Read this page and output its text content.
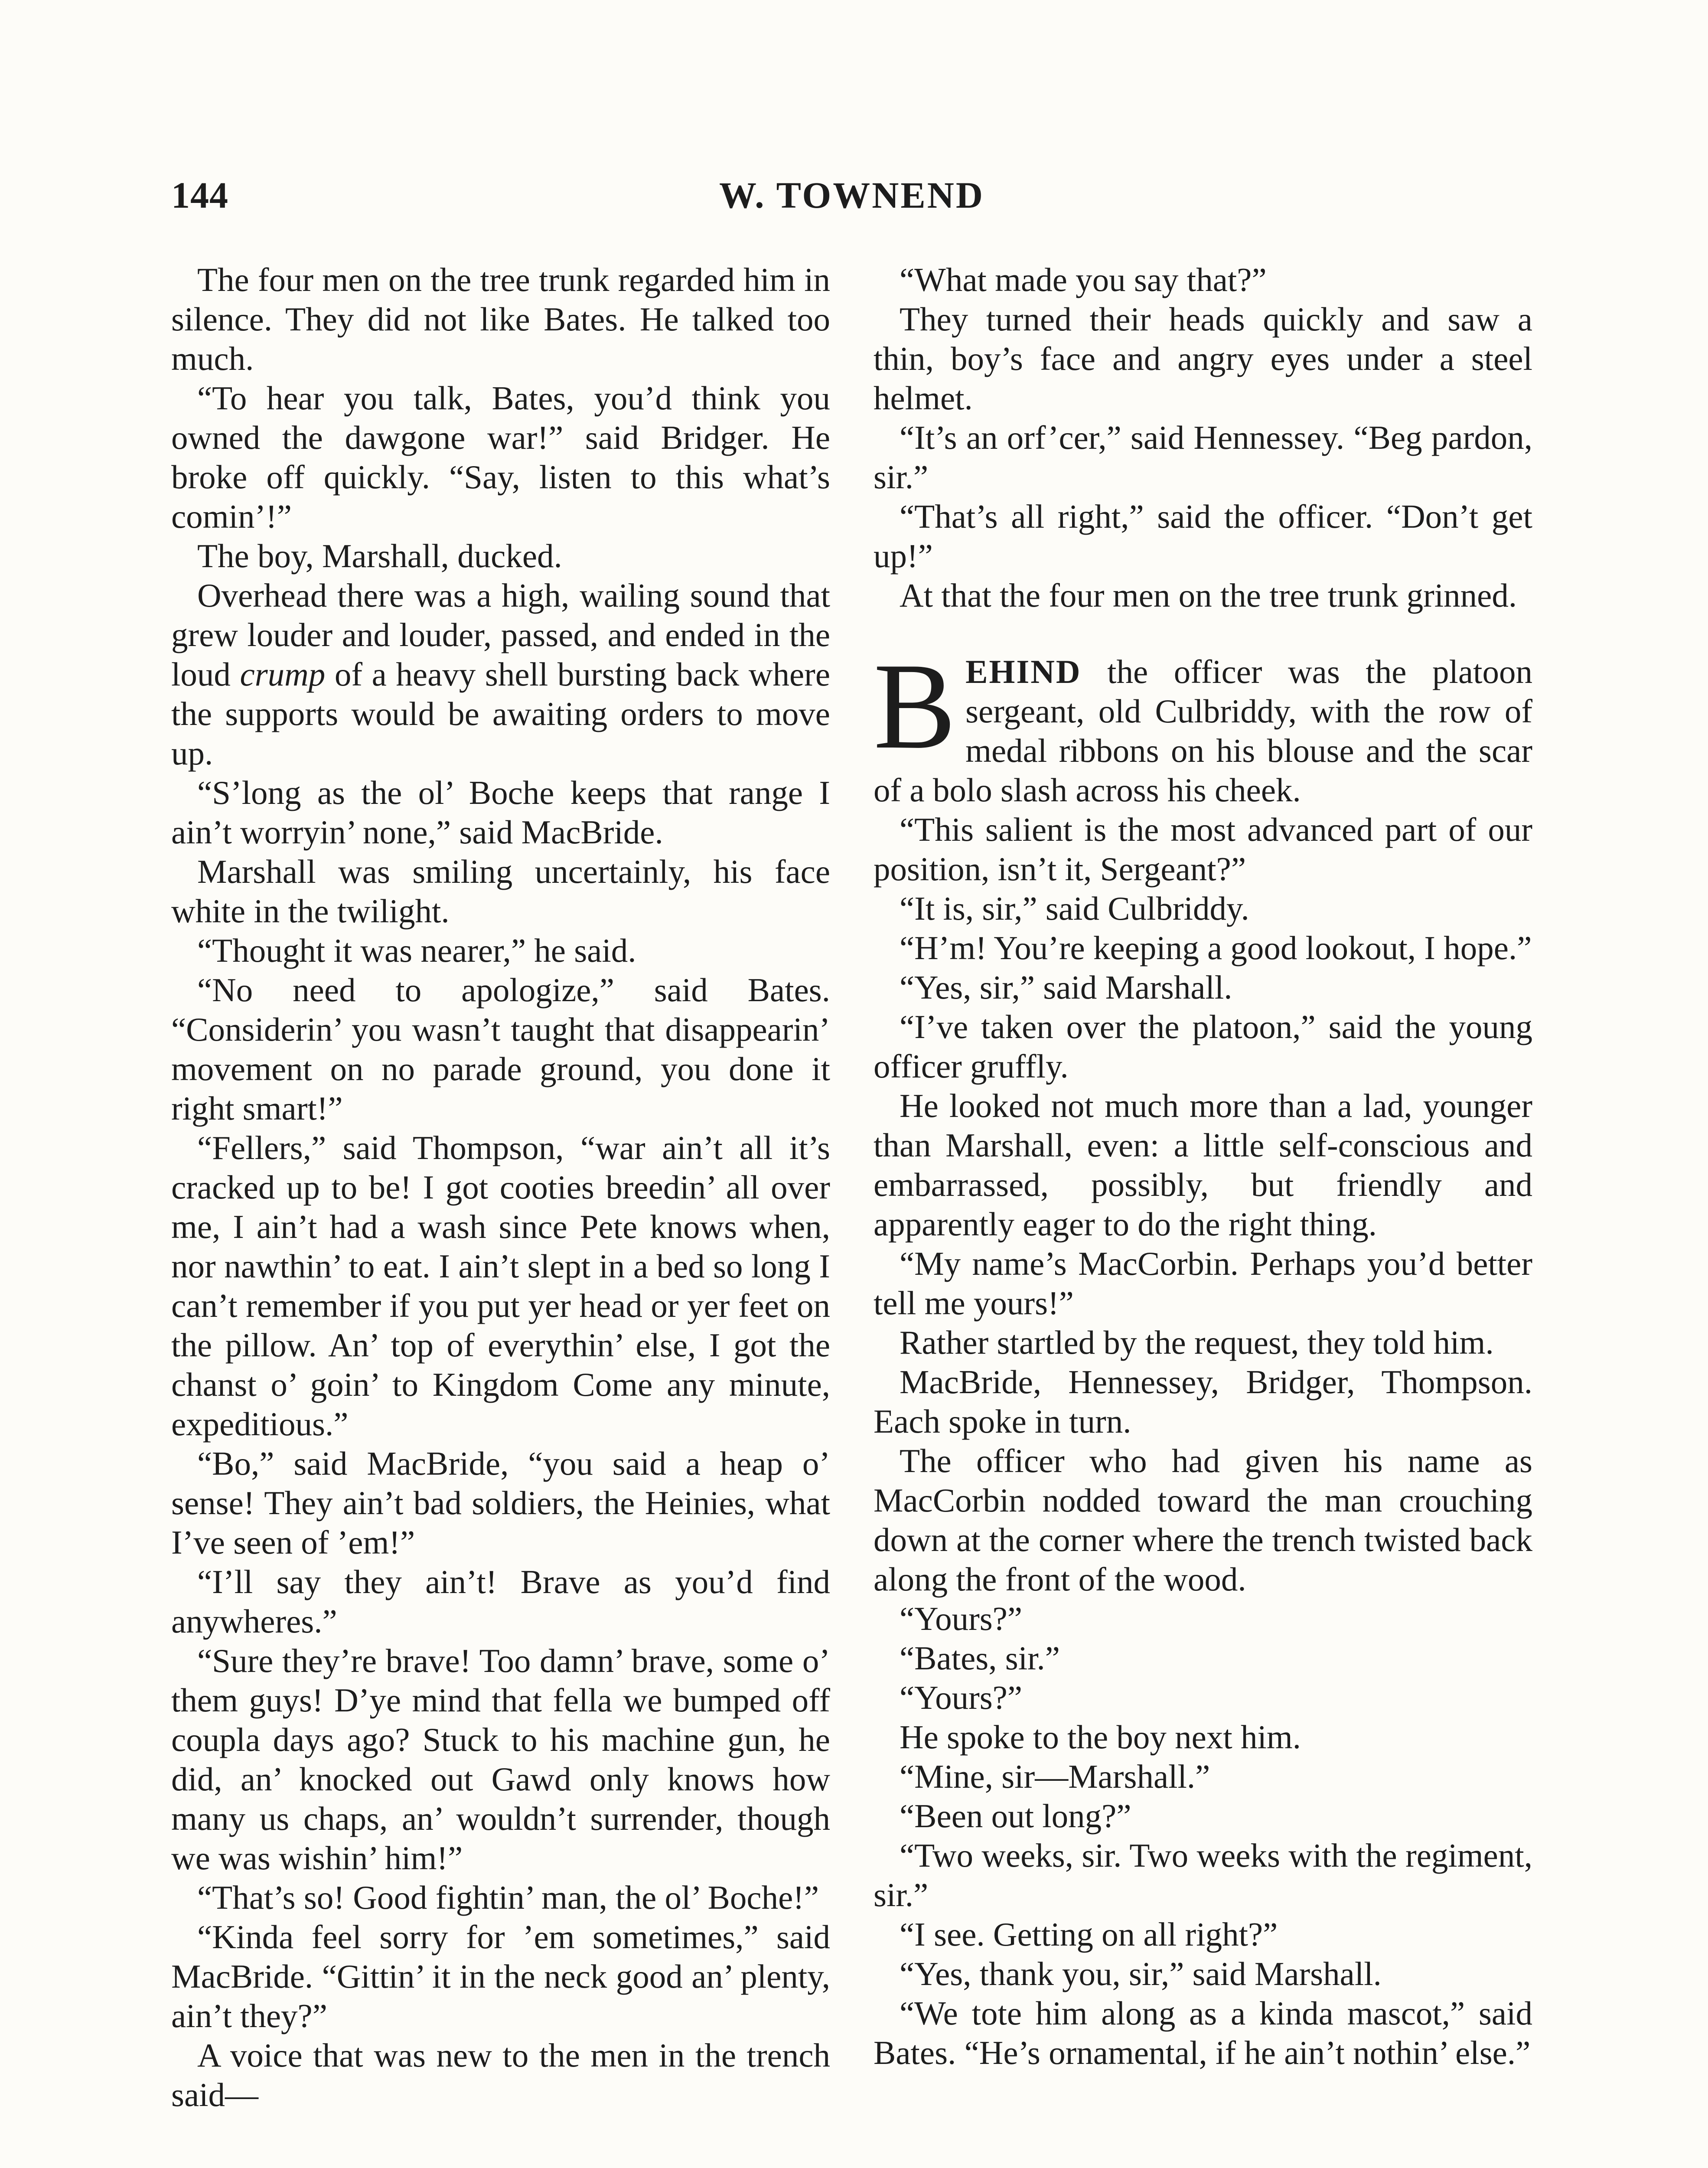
144	W. TOWNEND

The four men on the tree trunk regarded him in silence. They did not like Bates. He talked too much.

“To hear you talk, Bates, you’d think you owned the dawgone war!” said Bridger. He broke off quickly. “Say, listen to this what’s comin’!”

The boy, Marshall, ducked.

Overhead there was a high, wailing sound that grew louder and louder, passed, and ended in the loud crump of a heavy shell bursting back where the supports would be awaiting orders to move up.

“S’long as the ol’ Boche keeps that range I ain’t worryin’ none,” said MacBride.

Marshall was smiling uncertainly, his face white in the twilight.

“Thought it was nearer,” he said.

“No need to apologize,” said Bates. “Considerin’ you wasn’t taught that disappearin’ movement on no parade ground, you done it right smart!”

“Fellers,” said Thompson, “war ain’t all it’s cracked up to be! I got cooties breedin’ all over me, I ain’t had a wash since Pete knows when, nor nawthin’ to eat. I ain’t slept in a bed so long I can’t remember if you put yer head or yer feet on the pillow. An’ top of everythin’ else, I got the chanst o’ goin’ to Kingdom Come any minute, expeditious.”

“Bo,” said MacBride, “you said a heap o’ sense! They ain’t bad soldiers, the Heinies, what I’ve seen of ’em!”

“I’ll say they ain’t! Brave as you’d find anywheres.”

“Sure they’re brave! Too damn’ brave, some o’ them guys! D’ye mind that fella we bumped off coupla days ago? Stuck to his machine gun, he did, an’ knocked out Gawd only knows how many us chaps, an’ wouldn’t surrender, though we was wishin’ him!”

“That’s so! Good fightin’ man, the ol’ Boche!”

“Kinda feel sorry for ’em sometimes,” said MacBride. “Gittin’ it in the neck good an’ plenty, ain’t they?”

A voice that was new to the men in the trench said—

“What made you say that?”

They turned their heads quickly and saw a thin, boy’s face and angry eyes under a steel helmet.

“It’s an orf’cer,” said Hennessey. “Beg pardon, sir.”

“That’s all right,” said the officer. “Don’t get up!”

At that the four men on the tree trunk grinned.

BEHIND the officer was the platoon sergeant, old Culbriddy, with the row of medal ribbons on his blouse and the scar of a bolo slash across his cheek.

“This salient is the most advanced part of our position, isn’t it, Sergeant?”

“It is, sir,” said Culbriddy.

“H’m! You’re keeping a good lookout, I hope.”

“Yes, sir,” said Marshall.

“I’ve taken over the platoon,” said the young officer gruffly.

He looked not much more than a lad, younger than Marshall, even: a little self-conscious and embarrassed, possibly, but friendly and apparently eager to do the right thing.

“My name’s MacCorbin. Perhaps you’d better tell me yours!”

Rather startled by the request, they told him.

MacBride, Hennessey, Bridger, Thompson. Each spoke in turn.

The officer who had given his name as MacCorbin nodded toward the man crouching down at the corner where the trench twisted back along the front of the wood.

“Yours?”

“Bates, sir.”

“Yours?”

He spoke to the boy next him.

“Mine, sir—Marshall.”

“Been out long?”

“Two weeks, sir. Two weeks with the regiment, sir.”

“I see. Getting on all right?”

“Yes, thank you, sir,” said Marshall.

“We tote him along as a kinda mascot,” said Bates. “He’s ornamental, if he ain’t nothin’ else.”
